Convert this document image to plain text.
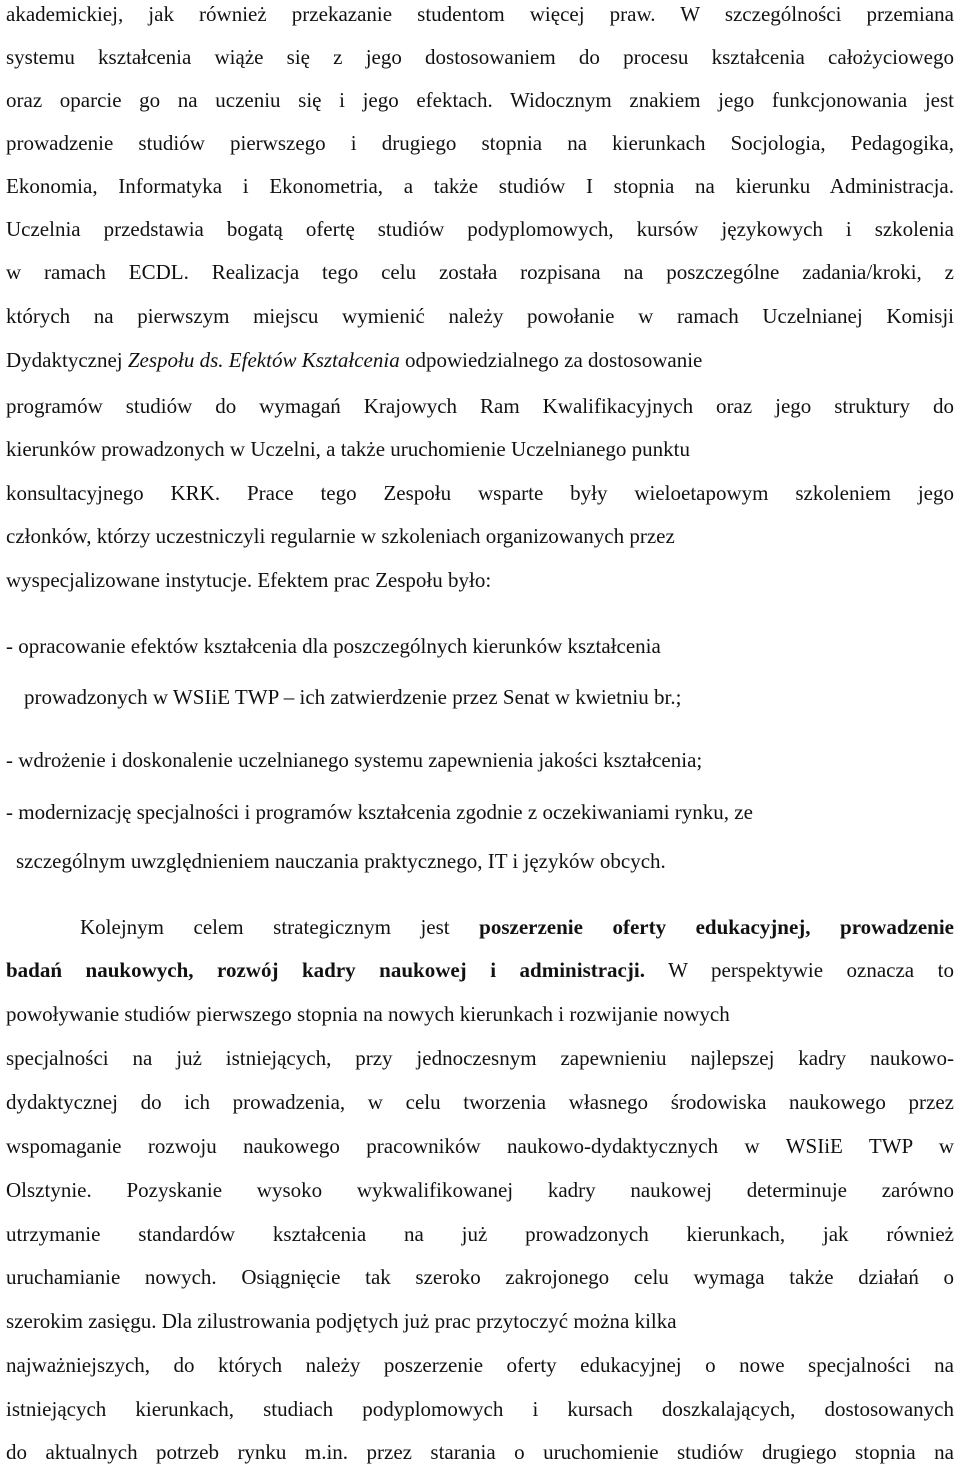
akademickiej, jak również przekazanie studentom więcej praw. W szczególności przemiana
systemu kształcenia wiąże się z jego dostosowaniem do procesu kształcenia całożyciowego
oraz oparcie go na uczeniu się i jego efektach. Widocznym znakiem jego funkcjonowania jest
prowadzenie studiów pierwszego i drugiego stopnia na kierunkach Socjologia, Pedagogika,
Ekonomia, Informatyka i Ekonometria, a także studiów I stopnia na kierunku Administracja.
Uczelnia przedstawia bogatą ofertę studiów podyplomowych, kursów językowych i szkolenia
w ramach ECDL. Realizacja tego celu została rozpisana na poszczególne zadania/kroki, z
których na pierwszym miejscu wymienić należy powołanie w ramach Uczelnianej Komisji
Dydaktycznej Zespołu ds. Efektów Kształcenia odpowiedzialnego za dostosowanie
programów studiów do wymagań Krajowych Ram Kwalifikacyjnych oraz jego struktury do
kierunków prowadzonych w Uczelni, a także uruchomienie Uczelnianego punktu
konsultacyjnego KRK. Prace tego Zespołu wsparte były wieloetapowym szkoleniem jego
członków, którzy uczestniczyli regularnie w szkoleniach organizowanych przez
wyspecjalizowane instytucje. Efektem prac Zespołu było:
- opracowanie efektów kształcenia dla poszczególnych kierunków kształcenia
prowadzonych w WSIiE TWP – ich zatwierdzenie przez Senat w kwietniu br.;
- wdrożenie i doskonalenie uczelnianego systemu zapewnienia jakości kształcenia;
- modernizację specjalności i programów kształcenia zgodnie z oczekiwaniami rynku, ze
szczególnym uwzględnieniem nauczania praktycznego, IT i języków obcych.
Kolejnym celem strategicznym jest poszerzenie oferty edukacyjnej, prowadzenie
badań naukowych, rozwój kadry naukowej i administracji. W perspektywie oznacza to
powoływanie studiów pierwszego stopnia na nowych kierunkach i rozwijanie nowych
specjalności na już istniejących, przy jednoczesnym zapewnieniu najlepszej kadry naukowo-
dydaktycznej do ich prowadzenia, w celu tworzenia własnego środowiska naukowego przez
wspomaganie rozwoju naukowego pracowników naukowo-dydaktycznych w WSIiE TWP w
Olsztynie. Pozyskanie wysoko wykwalifikowanej kadry naukowej determinuje zarówno
utrzymanie standardów kształcenia na już prowadzonych kierunkach, jak również
uruchamianie nowych. Osiągnięcie tak szeroko zakrojonego celu wymaga także działań o
szerokim zasięgu. Dla zilustrowania podjętych już prac przytoczyć można kilka
najważniejszych, do których należy poszerzenie oferty edukacyjnej o nowe specjalności na
istniejących kierunkach, studiach podyplomowych i kursach doszkalających, dostosowanych
do aktualnych potrzeb rynku m.in. przez starania o uruchomienie studiów drugiego stopnia na
